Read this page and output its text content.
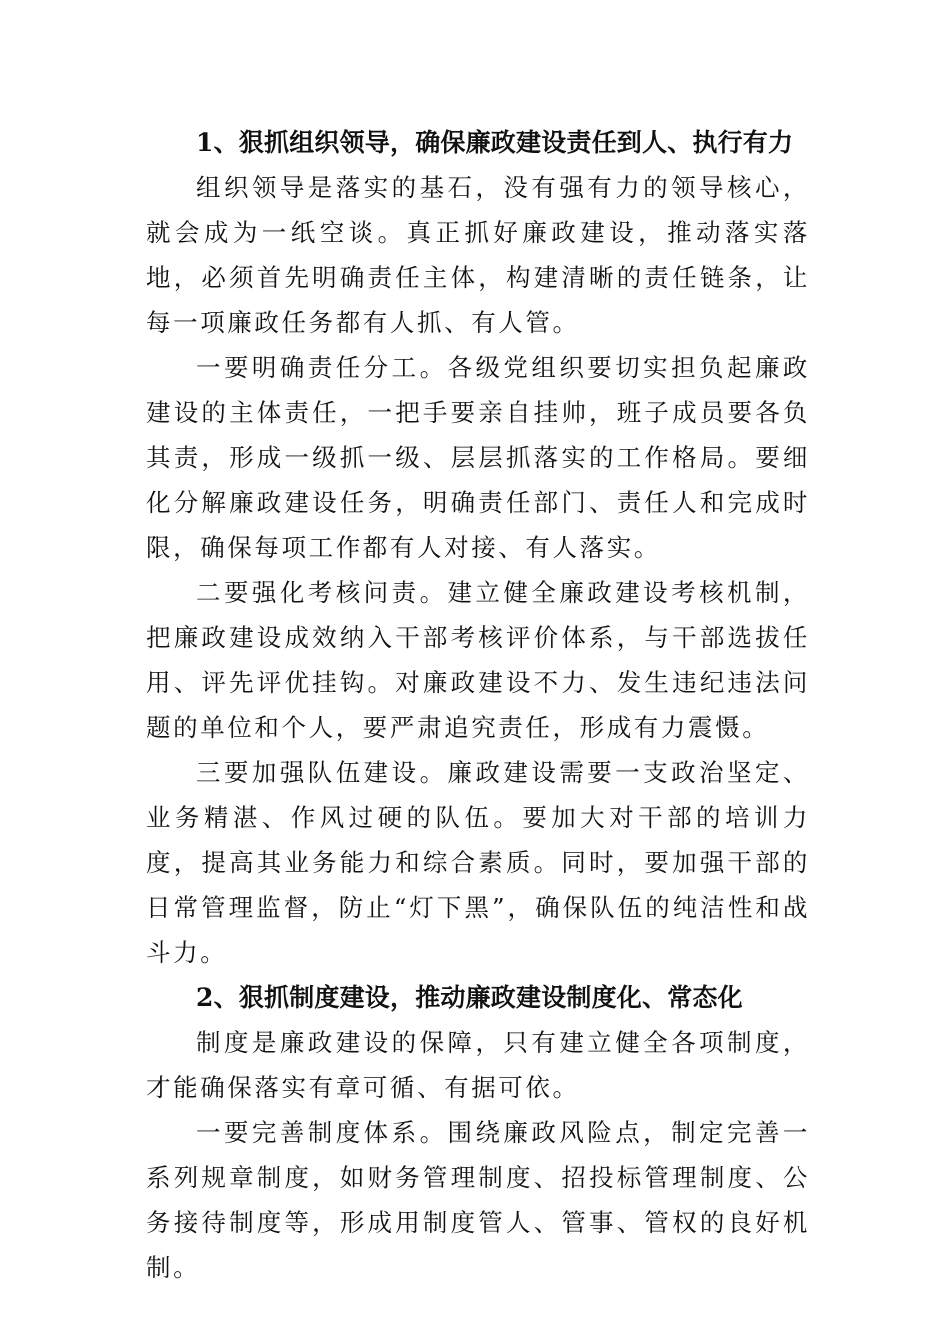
1、狠抓组织领导，确保廉政建设责任到人、执行有力

组织领导是落实的基石，没有强有力的领导核心，就会成为一纸空谈。真正抓好廉政建设，推动落实落地，必须首先明确责任主体，构建清晰的责任链条，让每一项廉政任务都有人抓、有人管。

一要明确责任分工。各级党组织要切实担负起廉政建设的主体责任，一把手要亲自挂帅，班子成员要各负其责，形成一级抓一级、层层抓落实的工作格局。要细化分解廉政建设任务，明确责任部门、责任人和完成时限，确保每项工作都有人对接、有人落实。

二要强化考核问责。建立健全廉政建设考核机制，把廉政建设成效纳入干部考核评价体系，与干部选拔任用、评先评优挂钩。对廉政建设不力、发生违纪违法问题的单位和个人，要严肃追究责任，形成有力震慑。

三要加强队伍建设。廉政建设需要一支政治坚定、业务精湛、作风过硬的队伍。要加大对干部的培训力度，提高其业务能力和综合素质。同时，要加强干部的日常管理监督，防止“灯下黑”，确保队伍的纯洁性和战斗力。

2、狠抓制度建设，推动廉政建设制度化、常态化

制度是廉政建设的保障，只有建立健全各项制度，才能确保落实有章可循、有据可依。

一要完善制度体系。围绕廉政风险点，制定完善一系列规章制度，如财务管理制度、招投标管理制度、公务接待制度等，形成用制度管人、管事、管权的良好机制。
